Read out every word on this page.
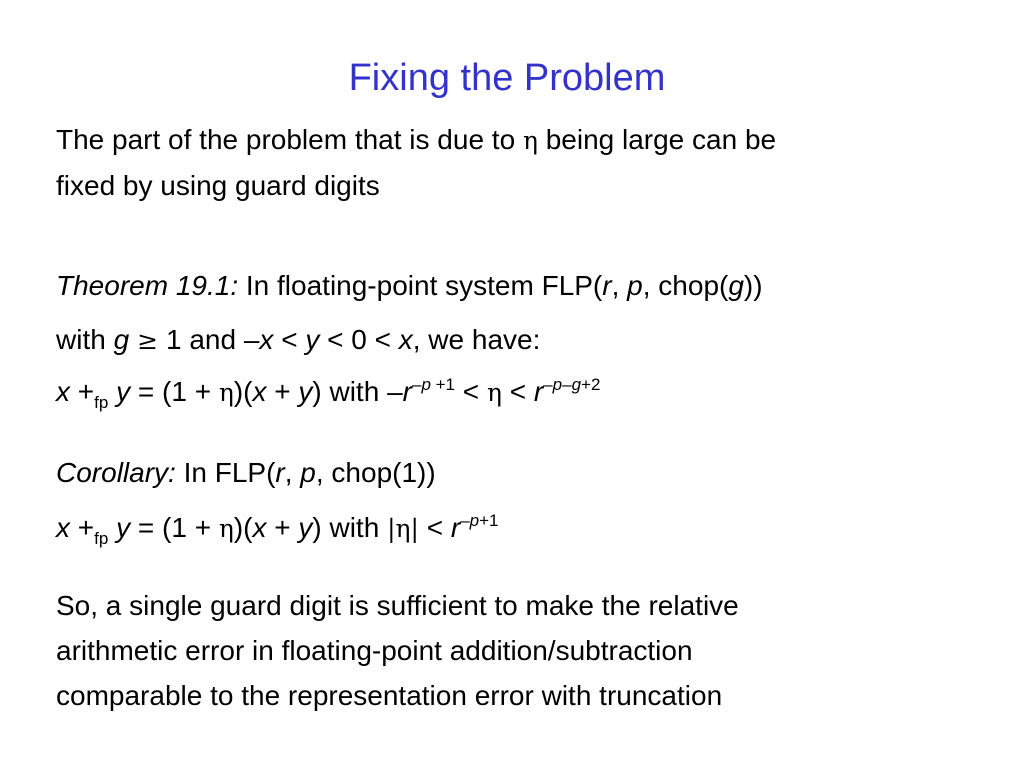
Fixing the Problem
The part of the problem that is due to η being large can be
fixed by using guard digits
Theorem 19.1: In floating-point system FLP(r, p, chop(g))
with g ≥ 1 and –x < y < 0 < x, we have:
$x +_{fp}$ y = (1 + η)(x + y) with $-r^{-p +1} < \eta < r^{-p-g+2}$
Corollary: In FLP(r, p, chop(1))
$x +_{fp}$ y = (1 + η)(x + y) with $|\eta| < r^{-p+1}$
So, a single guard digit is sufficient to make the relative
arithmetic error in floating-point addition/subtraction
comparable to the representation error with truncation
